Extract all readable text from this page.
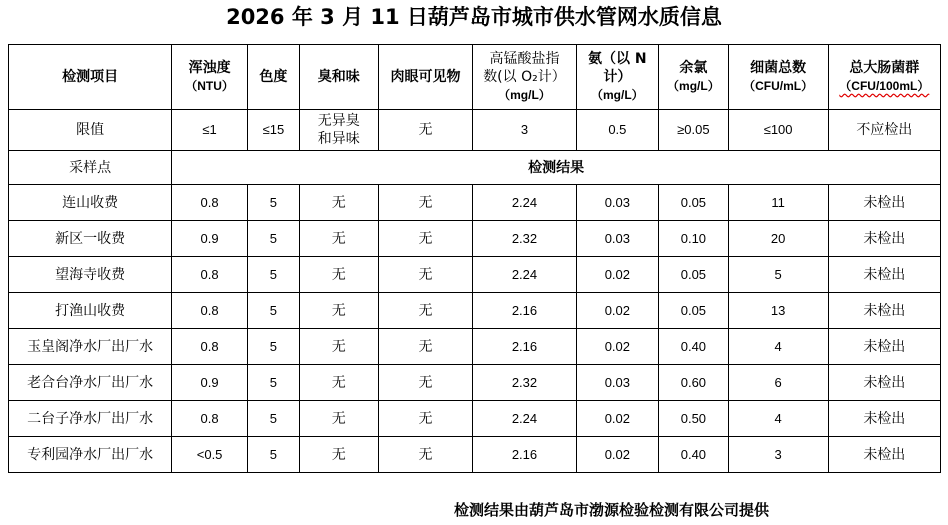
2026 年 3 月 11 日葫芦岛市城市供水管网水质信息
检测项目	浑浊度
（NTU）	色度	臭和味	肉眼可见物	高锰酸盐指
数(以 O₂计）
（mg/L）	氨（以 N
计）
（mg/L）	余氯
（mg/L）	细菌总数
（CFU/mL）	总大肠菌群
（CFU/100mL）
限值	≤1	≤15	无异臭
和异味	无	3	0.5	≥0.05	≤100	不应检出
采样点	检测结果								
连山收费	0.8	5	无	无	2.24	0.03	0.05	11	未检出
新区一收费	0.9	5	无	无	2.32	0.03	0.10	20	未检出
望海寺收费	0.8	5	无	无	2.24	0.02	0.05	5	未检出
打渔山收费	0.8	5	无	无	2.16	0.02	0.05	13	未检出
玉皇阁净水厂出厂水	0.8	5	无	无	2.16	0.02	0.40	4	未检出
老合台净水厂出厂水	0.9	5	无	无	2.32	0.03	0.60	6	未检出
二台子净水厂出厂水	0.8	5	无	无	2.24	0.02	0.50	4	未检出
专利园净水厂出厂水	<0.5	5	无	无	2.16	0.02	0.40	3	未检出
检测结果由葫芦岛市渤源检验检测有限公司提供
